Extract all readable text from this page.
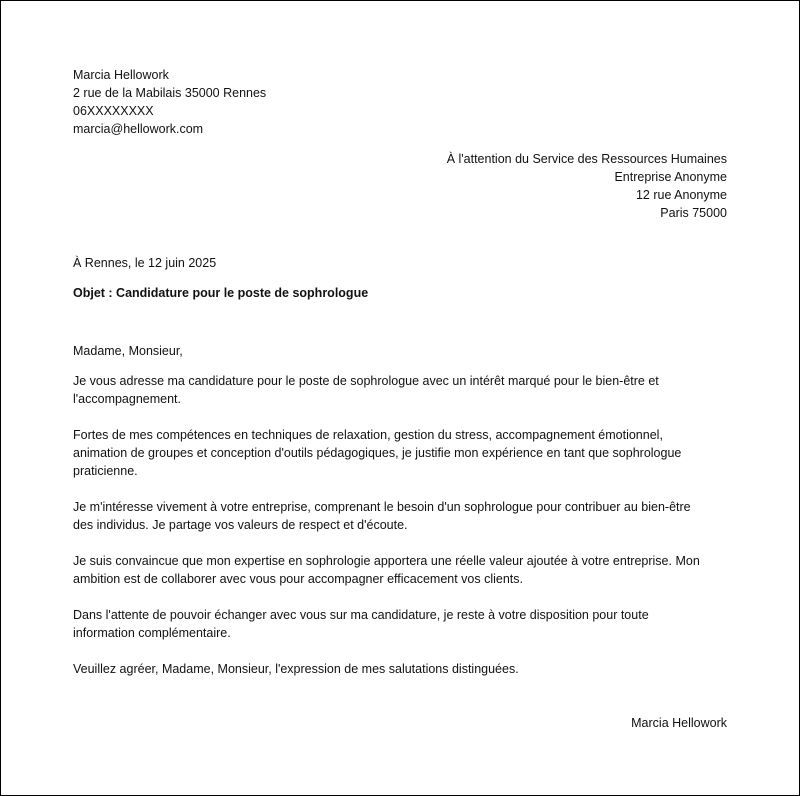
Marcia Hellowork
2 rue de la Mabilais 35000 Rennes
06XXXXXXXX
marcia@hellowork.com
À l'attention du Service des Ressources Humaines
Entreprise Anonyme
12 rue Anonyme
Paris 75000
À Rennes, le 12 juin 2025
Objet : Candidature pour le poste de sophrologue
Madame, Monsieur,

Je vous adresse ma candidature pour le poste de sophrologue avec un intérêt marqué pour le bien-être et
l'accompagnement.

Fortes de mes compétences en techniques de relaxation, gestion du stress, accompagnement émotionnel,
animation de groupes et conception d'outils pédagogiques, je justifie mon expérience en tant que sophrologue
praticienne.

Je m'intéresse vivement à votre entreprise, comprenant le besoin d'un sophrologue pour contribuer au bien-être
des individus. Je partage vos valeurs de respect et d'écoute.

Je suis convaincue que mon expertise en sophrologie apportera une réelle valeur ajoutée à votre entreprise. Mon
ambition est de collaborer avec vous pour accompagner efficacement vos clients.

Dans l'attente de pouvoir échanger avec vous sur ma candidature, je reste à votre disposition pour toute
information complémentaire.

Veuillez agréer, Madame, Monsieur, l'expression de mes salutations distinguées.
Marcia Hellowork
